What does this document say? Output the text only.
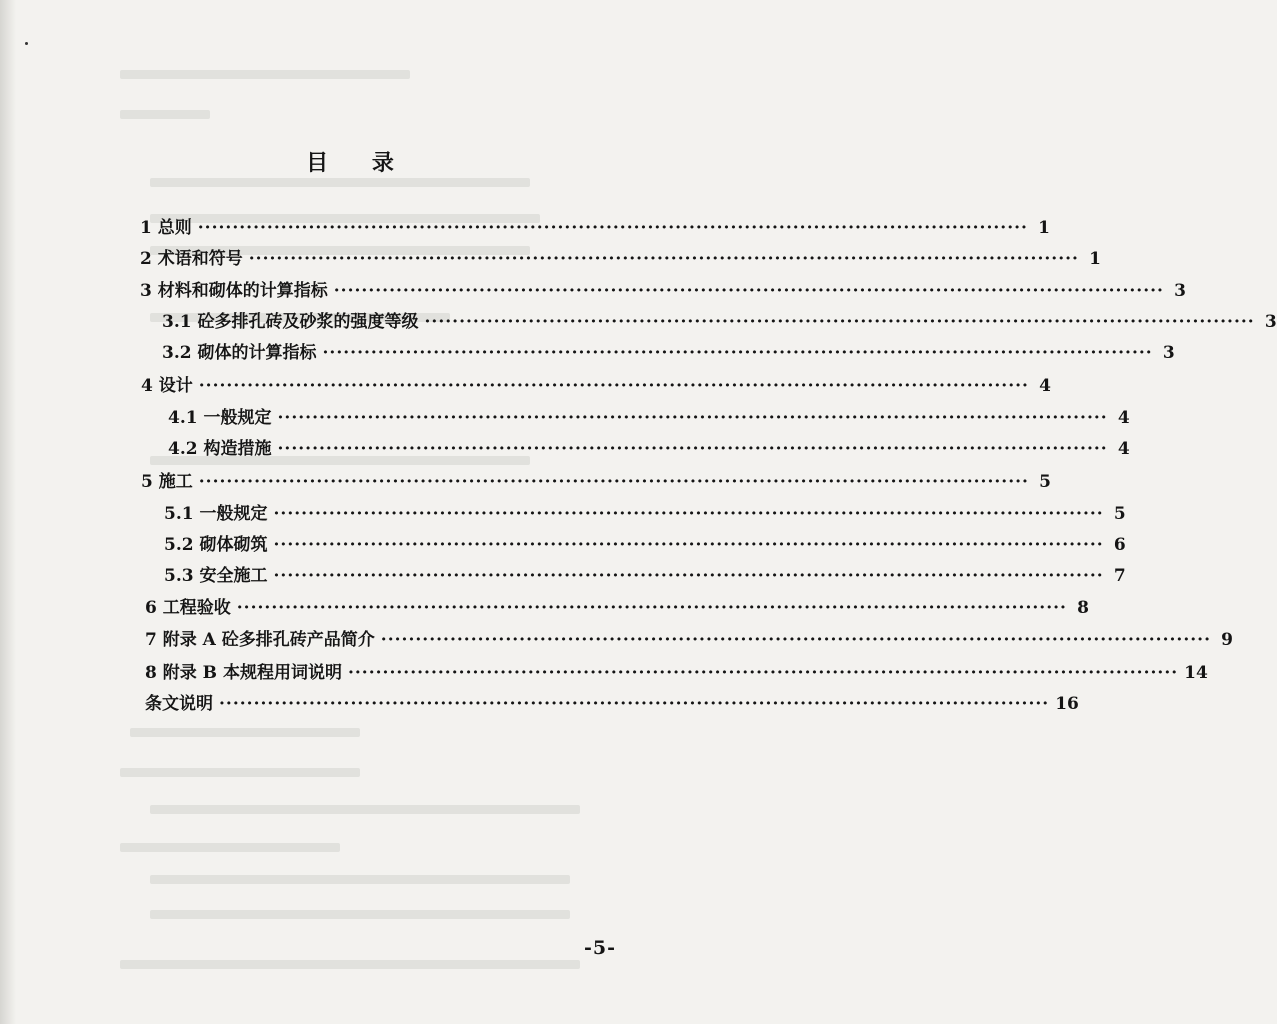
目 录
1 总则 ························································································································ 1
2 术语和符号 ························································································································ 1
3 材料和砌体的计算指标 ························································································································ 3
3.1 砼多排孔砖及砂浆的强度等级 ························································································································ 3
3.2 砌体的计算指标 ························································································································ 3
4 设计 ························································································································ 4
4.1 一般规定 ························································································································ 4
4.2 构造措施 ························································································································ 4
5 施工 ························································································································ 5
5.1 一般规定 ························································································································ 5
5.2 砌体砌筑 ························································································································ 6
5.3 安全施工 ························································································································ 7
6 工程验收 ························································································································ 8
7 附录 A 砼多排孔砖产品简介 ························································································································ 9
8 附录 B 本规程用词说明 ························································································································ 14
条文说明 ························································································································ 16
-5-
